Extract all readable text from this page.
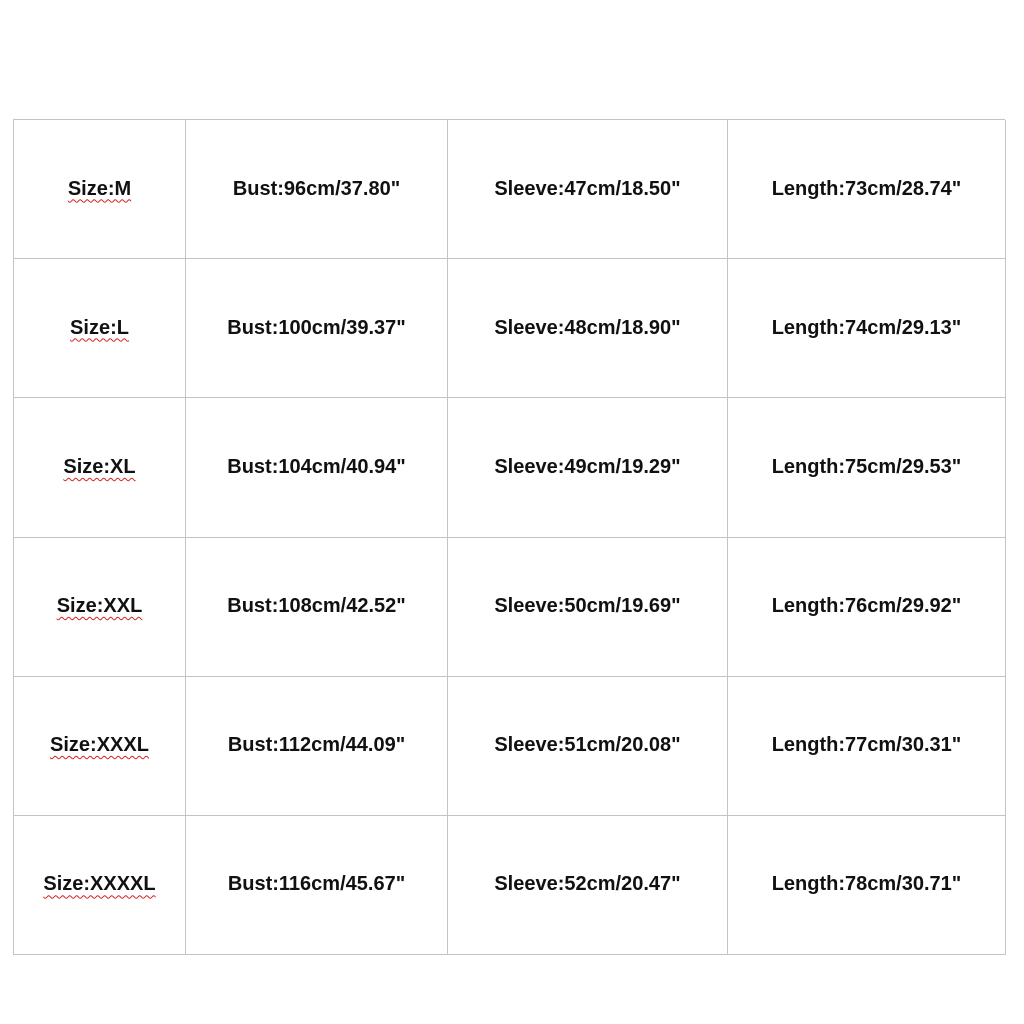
Size:M	Bust:96cm/37.80"	Sleeve:47cm/18.50"	Length:73cm/28.74"
Size:L	Bust:100cm/39.37"	Sleeve:48cm/18.90"	Length:74cm/29.13"
Size:XL	Bust:104cm/40.94"	Sleeve:49cm/19.29"	Length:75cm/29.53"
Size:XXL	Bust:108cm/42.52"	Sleeve:50cm/19.69"	Length:76cm/29.92"
Size:XXXL	Bust:112cm/44.09"	Sleeve:51cm/20.08"	Length:77cm/30.31"
Size:XXXXL	Bust:116cm/45.67"	Sleeve:52cm/20.47"	Length:78cm/30.71"
